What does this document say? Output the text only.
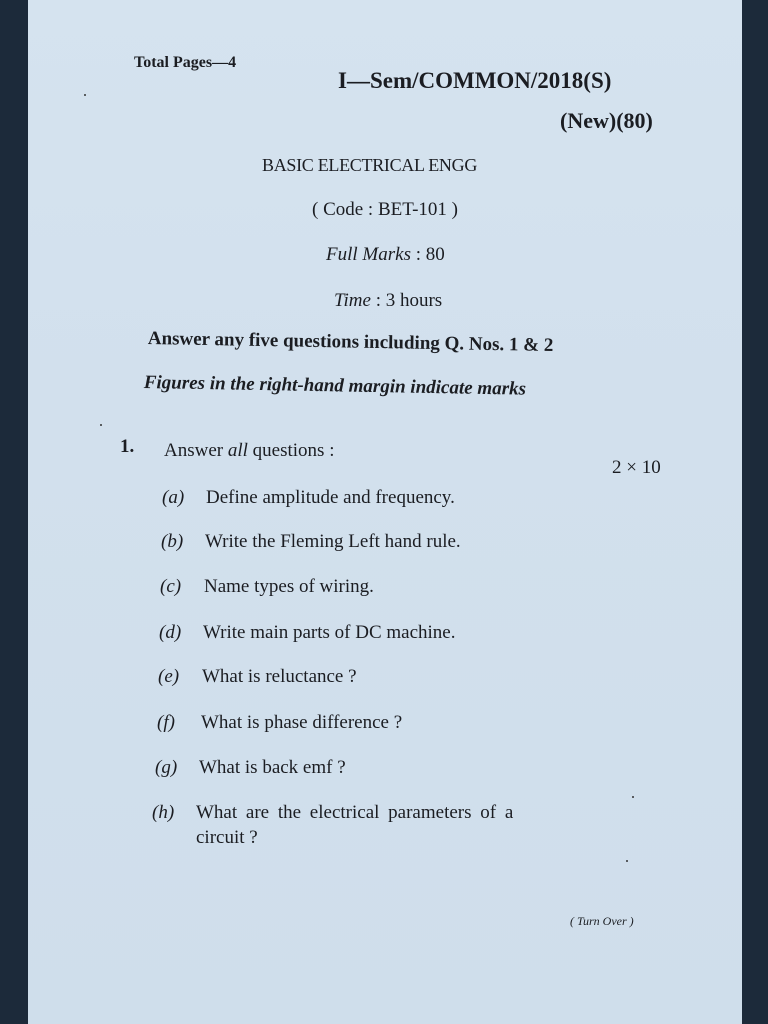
Total Pages—4
I—Sem/COMMON/2018(S)
(New)(80)
BASIC ELECTRICAL ENGG
( Code : BET-101 )
Full Marks : 80
Time : 3 hours
Answer any five questions including Q. Nos. 1 & 2
Figures in the right-hand margin indicate marks
1. Answer all questions :
2 × 10
(a) Define amplitude and frequency.
(b) Write the Fleming Left hand rule.
(c) Name types of wiring.
(d) Write main parts of DC machine.
(e) What is reluctance ?
(f) What is phase difference ?
(g) What is back emf ?
(h) What are the electrical parameters of a
circuit ?
( Turn Over )
